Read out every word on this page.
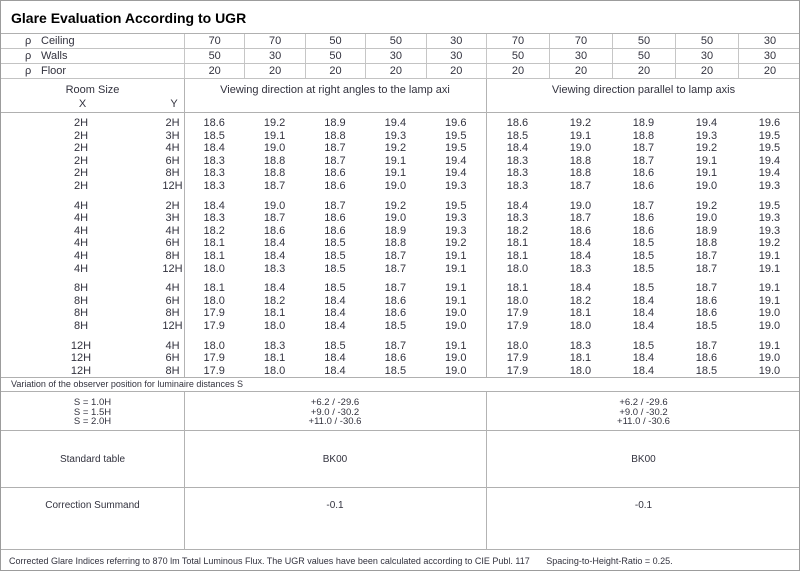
Glare Evaluation According to UGR
ρ Ceiling	70	70	50	50	30	70	70	50	50	30
ρ Walls	50	30	50	30	30	50	30	50	30	30
ρ Floor	20	20	20	20	20	20	20	20	20	20
Room Size
X	Y
Viewing direction at right angles to the lamp axi	Viewing direction parallel to lamp axis
2H	2H	18.6	19.2	18.9	19.4	19.6	18.6	19.2	18.9	19.4	19.6
2H	3H	18.5	19.1	18.8	19.3	19.5	18.5	19.1	18.8	19.3	19.5
2H	4H	18.4	19.0	18.7	19.2	19.5	18.4	19.0	18.7	19.2	19.5
2H	6H	18.3	18.8	18.7	19.1	19.4	18.3	18.8	18.7	19.1	19.4
2H	8H	18.3	18.8	18.6	19.1	19.4	18.3	18.8	18.6	19.1	19.4
2H	12H	18.3	18.7	18.6	19.0	19.3	18.3	18.7	18.6	19.0	19.3
4H	2H	18.4	19.0	18.7	19.2	19.5	18.4	19.0	18.7	19.2	19.5
4H	3H	18.3	18.7	18.6	19.0	19.3	18.3	18.7	18.6	19.0	19.3
4H	4H	18.2	18.6	18.6	18.9	19.3	18.2	18.6	18.6	18.9	19.3
4H	6H	18.1	18.4	18.5	18.8	19.2	18.1	18.4	18.5	18.8	19.2
4H	8H	18.1	18.4	18.5	18.7	19.1	18.1	18.4	18.5	18.7	19.1
4H	12H	18.0	18.3	18.5	18.7	19.1	18.0	18.3	18.5	18.7	19.1
8H	4H	18.1	18.4	18.5	18.7	19.1	18.1	18.4	18.5	18.7	19.1
8H	6H	18.0	18.2	18.4	18.6	19.1	18.0	18.2	18.4	18.6	19.1
8H	8H	17.9	18.1	18.4	18.6	19.0	17.9	18.1	18.4	18.6	19.0
8H	12H	17.9	18.0	18.4	18.5	19.0	17.9	18.0	18.4	18.5	19.0
12H	4H	18.0	18.3	18.5	18.7	19.1	18.0	18.3	18.5	18.7	19.1
12H	6H	17.9	18.1	18.4	18.6	19.0	17.9	18.1	18.4	18.6	19.0
12H	8H	17.9	18.0	18.4	18.5	19.0	17.9	18.0	18.4	18.5	19.0
Variation of the observer position for luminaire distances S
S = 1.0H	+6.2 / -29.6	+6.2 / -29.6
S = 1.5H	+9.0 / -30.2	+9.0 / -30.2
S = 2.0H	+11.0 / -30.6	+11.0 / -30.6
Standard table	BK00	BK00
Correction Summand	-0.1	-0.1
Corrected Glare Indices referring to 870 lm Total Luminous Flux. The UGR values have been calculated according to CIE Publ. 117 Spacing-to-Height-Ratio = 0.25.
